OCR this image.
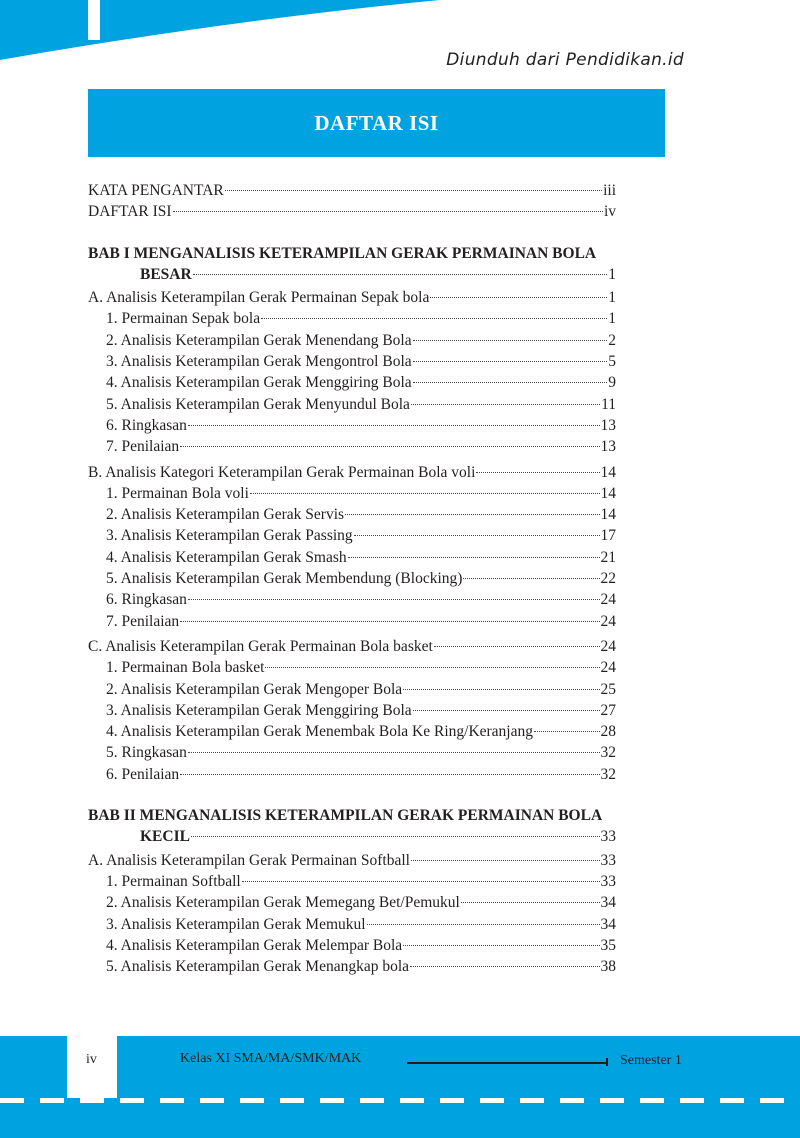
Diunduh dari Pendidikan.id
DAFTAR ISI
KATA PENGANTAR	iii
DAFTAR ISI	iv
BAB I MENGANALISIS KETERAMPILAN GERAK PERMAINAN BOLA
BESAR	1
A. Analisis Keterampilan Gerak Permainan Sepak bola	1
1. Permainan Sepak bola	1
2. Analisis Keterampilan Gerak Menendang Bola	2
3. Analisis Keterampilan Gerak Mengontrol Bola	5
4. Analisis Keterampilan Gerak Menggiring Bola	9
5. Analisis Keterampilan Gerak Menyundul Bola	11
6. Ringkasan	13
7. Penilaian	13
B. Analisis Kategori Keterampilan Gerak Permainan Bola voli	14
1. Permainan Bola voli	14
2. Analisis Keterampilan Gerak Servis	14
3. Analisis Keterampilan Gerak Passing	17
4. Analisis Keterampilan Gerak Smash	21
5. Analisis Keterampilan Gerak Membendung (Blocking)	22
6. Ringkasan	24
7. Penilaian	24
C. Analisis Keterampilan Gerak Permainan Bola basket	24
1. Permainan Bola basket	24
2. Analisis Keterampilan Gerak Mengoper Bola	25
3. Analisis Keterampilan Gerak Menggiring Bola	27
4. Analisis Keterampilan Gerak Menembak Bola Ke Ring/Keranjang	28
5. Ringkasan	32
6. Penilaian	32
BAB II MENGANALISIS KETERAMPILAN GERAK PERMAINAN BOLA
KECIL	33
A. Analisis Keterampilan Gerak Permainan Softball	33
1. Permainan Softball	33
2. Analisis Keterampilan Gerak Memegang Bet/Pemukul	34
3. Analisis Keterampilan Gerak Memukul	34
4. Analisis Keterampilan Gerak Melempar Bola	35
5. Analisis Keterampilan Gerak Menangkap bola	38
iv	Kelas XI SMA/MA/SMK/MAK	Semester 1
